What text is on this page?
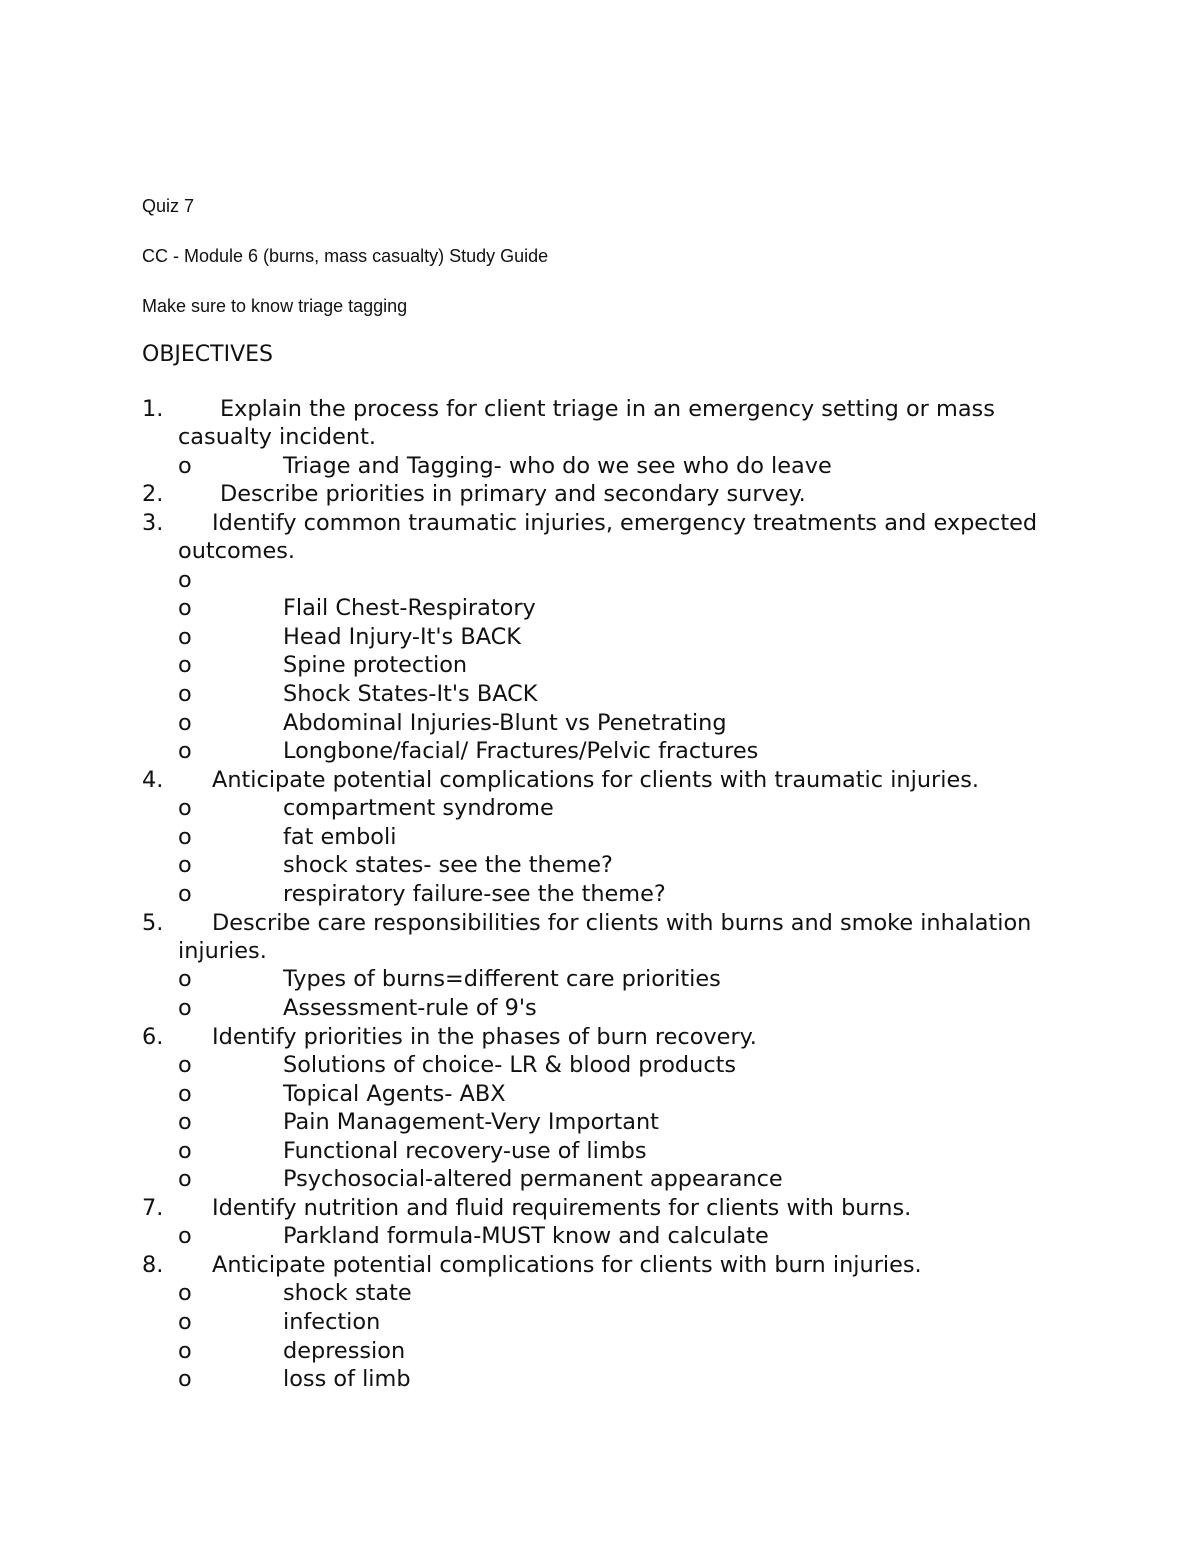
Quiz 7
CC - Module 6 (burns, mass casualty) Study Guide
Make sure to know triage tagging
OBJECTIVES
1.	Explain the process for client triage in an emergency setting or mass casualty incident.
o	Triage and Tagging- who do we see who do leave
2.	Describe priorities in primary and secondary survey.
3. Identify common traumatic injuries, emergency treatments and expected outcomes.
o
o	Flail Chest-Respiratory
o	Head Injury-It's BACK
o	Spine protection
o	Shock States-It's BACK
o	Abdominal Injuries-Blunt vs Penetrating
o	Longbone/facial/ Fractures/Pelvic fractures
4. Anticipate potential complications for clients with traumatic injuries.
o	compartment syndrome
o	fat emboli
o	shock states- see the theme?
o	respiratory failure-see the theme?
5. Describe care responsibilities for clients with burns and smoke inhalation injuries.
o	Types of burns=different care priorities
o	Assessment-rule of 9's
6. Identify priorities in the phases of burn recovery.
o	Solutions of choice- LR & blood products
o	Topical Agents- ABX
o	Pain Management-Very Important
o	Functional recovery-use of limbs
o	Psychosocial-altered permanent appearance
7. Identify nutrition and fluid requirements for clients with burns.
o	Parkland formula-MUST know and calculate
8. Anticipate potential complications for clients with burn injuries.
o	shock state
o	infection
o	depression
o	loss of limb
